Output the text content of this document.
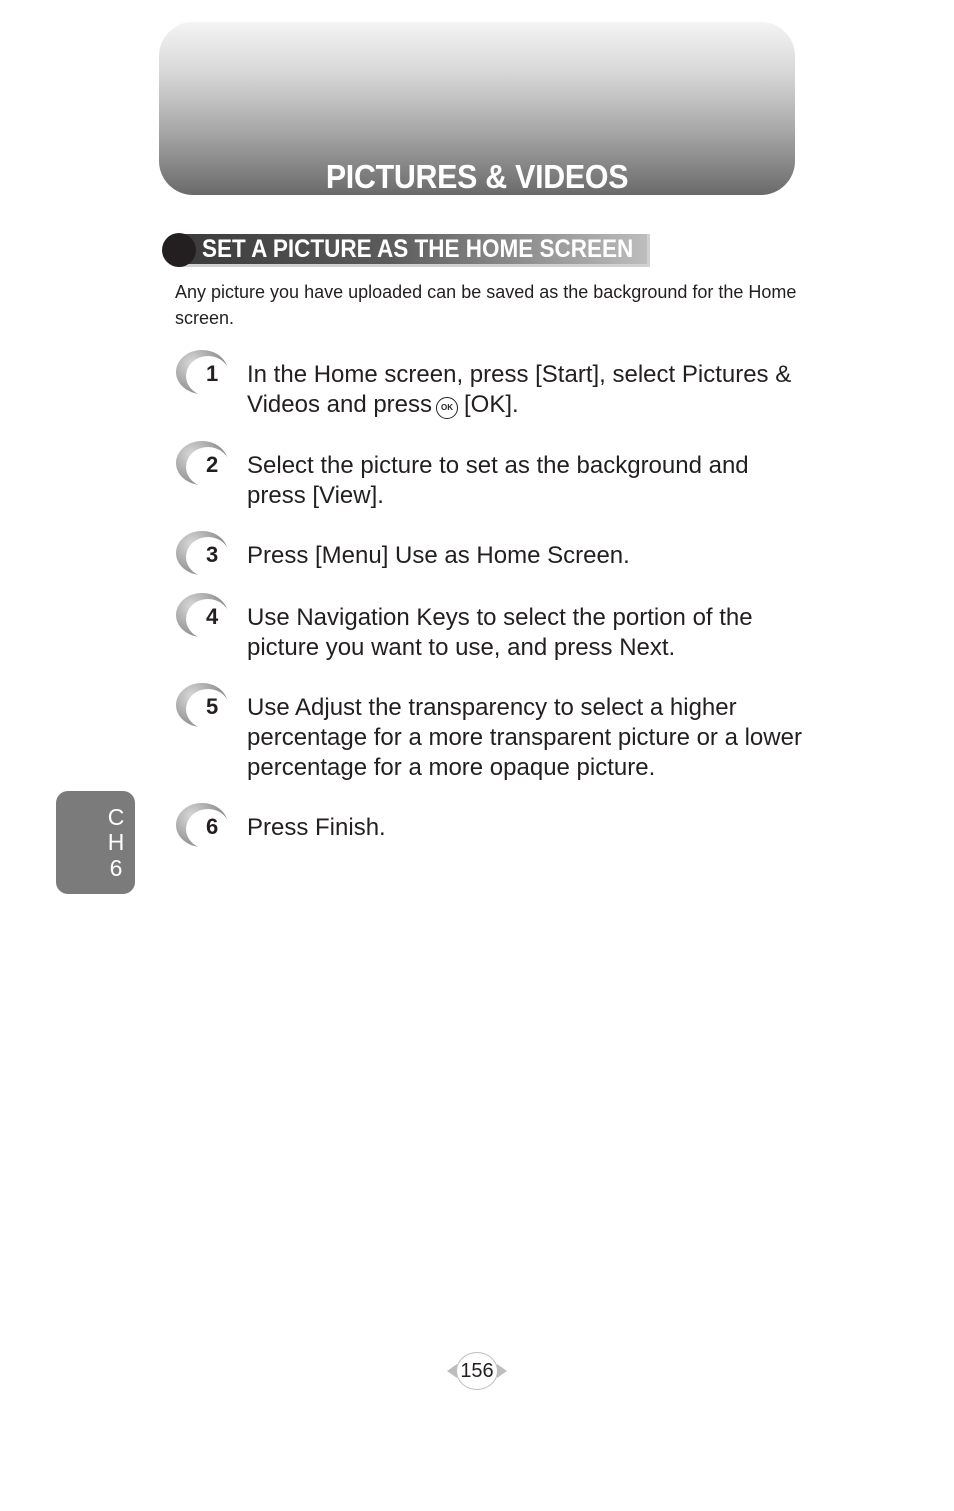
PICTURES & VIDEOS
SET A PICTURE AS THE HOME SCREEN
Any picture you have uploaded can be saved as the background for the Home screen.
1 In the Home screen, press [Start], select Pictures & Videos and press OK [OK].
2 Select the picture to set as the background and press [View].
3 Press [Menu] Use as Home Screen.
4 Use Navigation Keys to select the portion of the picture you want to use, and press Next.
5 Use Adjust the transparency to select a higher percentage for a more transparent picture or a lower percentage for a more opaque picture.
6 Press Finish.
C
H
6
156
